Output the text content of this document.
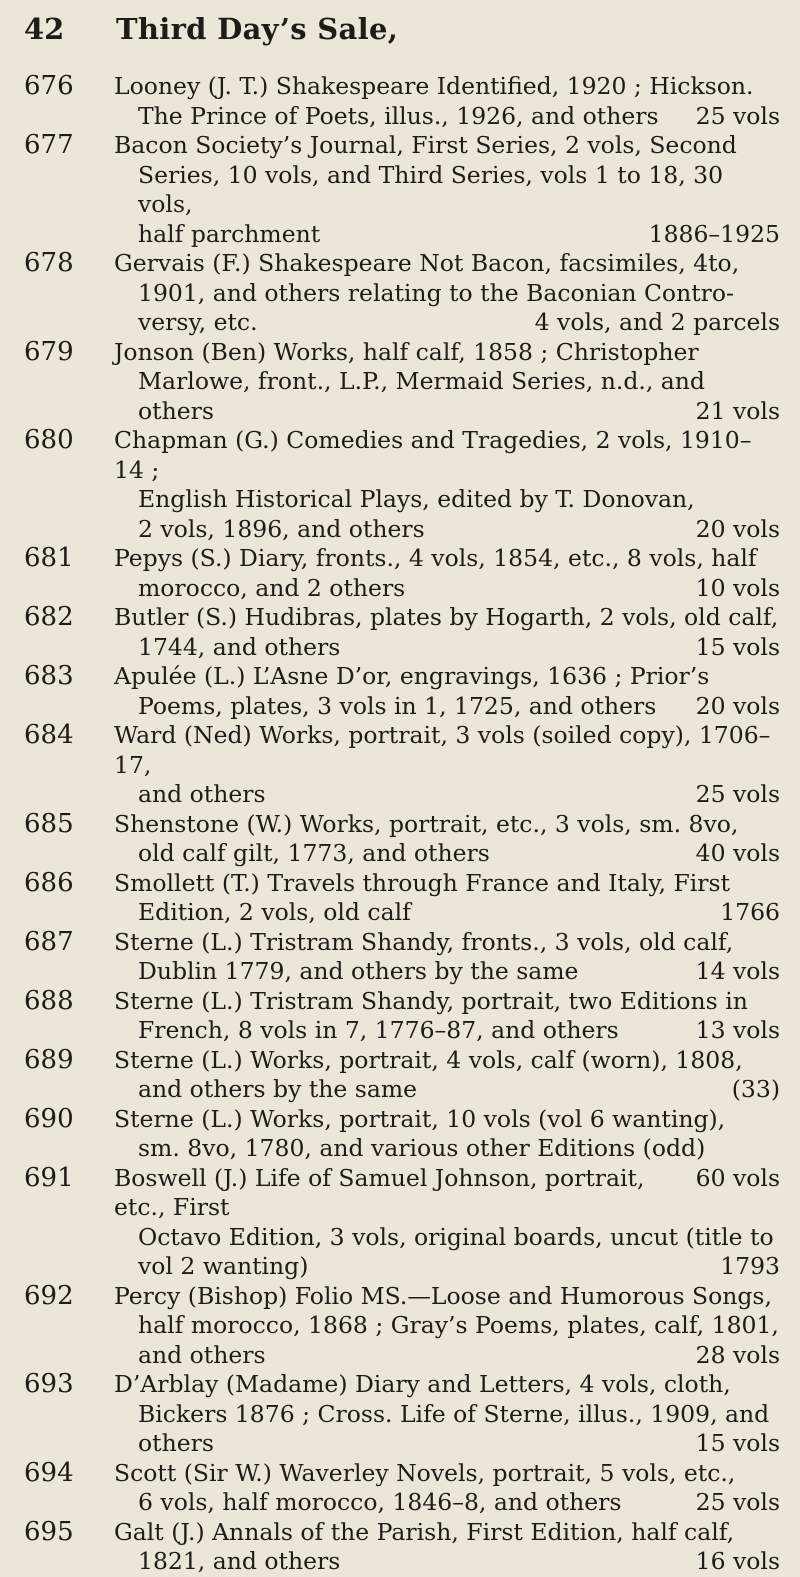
42 Third Day’s Sale,
676 Looney (J. T.) Shakespeare Identified, 1920 ; Hickson.
25 vols
The Prince of Poets, illus., 1926, and others
677 Bacon Society’s Journal, First Series, 2 vols, Second
Series, 10 vols, and Third Series, vols 1 to 18, 30 vols,
1886–1925
half parchment
678 Gervais (F.) Shakespeare Not Bacon, facsimiles, 4to,
1901, and others relating to the Baconian Contro-
4 vols, and 2 parcels
versy, etc.
679 Jonson (Ben) Works, half calf, 1858 ; Christopher
Marlowe, front., L.P., Mermaid Series, n.d., and
21 vols
others
680 Chapman (G.) Comedies and Tragedies, 2 vols, 1910–14 ;
English Historical Plays, edited by T. Donovan,
20 vols
2 vols, 1896, and others
681 Pepys (S.) Diary, fronts., 4 vols, 1854, etc., 8 vols, half
10 vols
morocco, and 2 others
682 Butler (S.) Hudibras, plates by Hogarth, 2 vols, old calf,
15 vols
1744, and others
683 Apulée (L.) L’Asne D’or, engravings, 1636 ; Prior’s
20 vols
Poems, plates, 3 vols in 1, 1725, and others
684 Ward (Ned) Works, portrait, 3 vols (soiled copy), 1706–17,
25 vols
and others
685 Shenstone (W.) Works, portrait, etc., 3 vols, sm. 8vo,
40 vols
old calf gilt, 1773, and others
686 Smollett (T.) Travels through France and Italy, First
1766
Edition, 2 vols, old calf
687 Sterne (L.) Tristram Shandy, fronts., 3 vols, old calf,
14 vols
Dublin 1779, and others by the same
688 Sterne (L.) Tristram Shandy, portrait, two Editions in
13 vols
French, 8 vols in 7, 1776–87, and others
689 Sterne (L.) Works, portrait, 4 vols, calf (worn), 1808,
(33)
and others by the same
690 Sterne (L.) Works, portrait, 10 vols (vol 6 wanting),
sm. 8vo, 1780, and various other Editions (odd)
60 vols
691 Boswell (J.) Life of Samuel Johnson, portrait, etc., First
Octavo Edition, 3 vols, original boards, uncut (title to
1793
vol 2 wanting)
692 Percy (Bishop) Folio MS.—Loose and Humorous Songs,
half morocco, 1868 ; Gray’s Poems, plates, calf, 1801,
28 vols
and others
693 D’Arblay (Madame) Diary and Letters, 4 vols, cloth,
Bickers 1876 ; Cross. Life of Sterne, illus., 1909, and
15 vols
others
694 Scott (Sir W.) Waverley Novels, portrait, 5 vols, etc.,
25 vols
6 vols, half morocco, 1846–8, and others
695 Galt (J.) Annals of the Parish, First Edition, half calf,
16 vols
1821, and others
